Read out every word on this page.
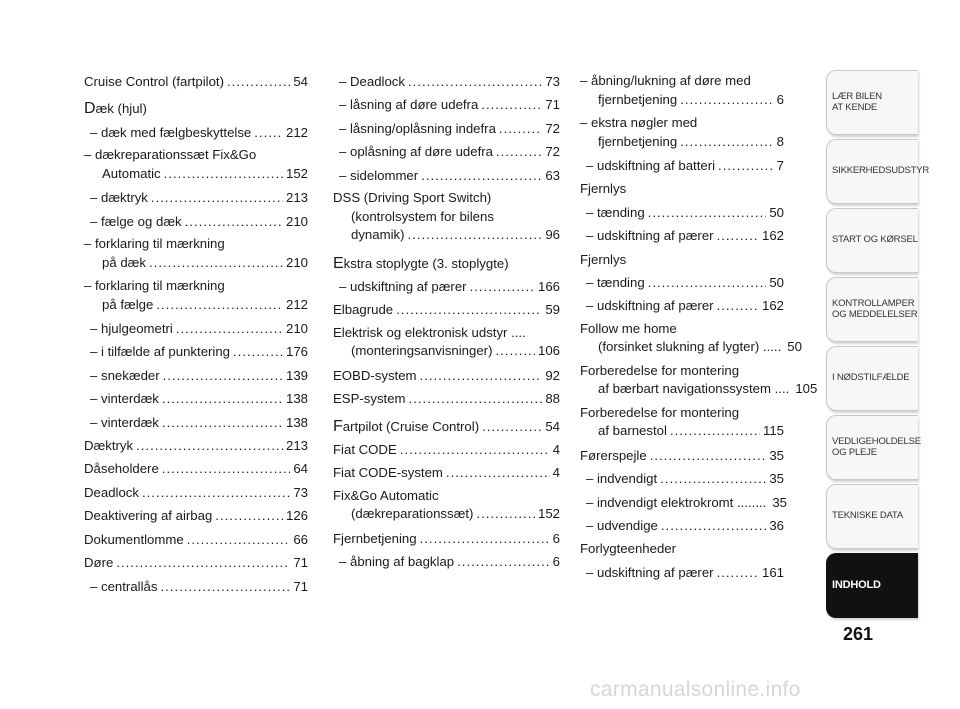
Cruise Control (fartpilot) .....	54
Dæk (hjul)
– dæk med fælgbeskyttelse .....	212
– dækreparationssæt Fix&Go
Automatic .....	152
– dæktryk .....	213
– fælge og dæk .....	210
– forklaring til mærkning
på dæk .....	210
– forklaring til mærkning
på fælge .....	212
– hjulgeometri .....	210
– i tilfælde af punktering .....	176
– snekæder .....	139
– vinterdæk .....	138
– vinterdæk .....	138
Dæktryk .....	213
Dåseholdere .....	64
Deadlock .....	73
Deaktivering af airbag .....	126
Dokumentlomme .....	66
Døre .....	71
– centrallås .....	71
– Deadlock .....	73
– låsning af døre udefra .....	71
– låsning/oplåsning indefra .....	72
– oplåsning af døre udefra .....	72
– sidelommer .....	63
DSS (Driving Sport Switch)
(kontrolsystem for bilens
dynamik) .....	96
Ekstra stoplygte (3. stoplygte)
– udskiftning af pærer .....	166
Elbagrude .....	59
Elektrisk og elektronisk udstyr ....
(monteringsanvisninger) .....	106
EOBD-system .....	92
ESP-system .....	88
Fartpilot (Cruise Control) .....	54
Fiat CODE .....	4
Fiat CODE-system .....	4
Fix&Go Automatic
(dækreparationssæt) .....	152
Fjernbetjening .....	6
– åbning af bagklap .....	6
– åbning/lukning af døre med
fjernbetjening .....	6
– ekstra nøgler med
fjernbetjening .....	8
– udskiftning af batteri .....	7
Fjernlys
– tænding .....	50
– udskiftning af pærer .....	162
Fjernlys
– tænding .....	50
– udskiftning af pærer .....	162
Follow me home
(forsinket slukning af lygter) ..... 50
Forberedelse for montering
af bærbart navigationssystem .... 105
Forberedelse for montering
af barnestol .....	115
Førerspejle .....	35
– indvendigt .....	35
– indvendigt elektrokromt ........ 35
– udvendige .....	36
Forlygteenheder
– udskiftning af pærer .....	161
LÆR BILEN
AT KENDE
SIKKERHEDSUDSTYR
START OG KØRSEL
KONTROLLAMPER
OG MEDDELELSER
I NØDSTILFÆLDE
VEDLIGEHOLDELSE
OG PLEJE
TEKNISKE DATA
INDHOLD
261
carmanualsonline.info
